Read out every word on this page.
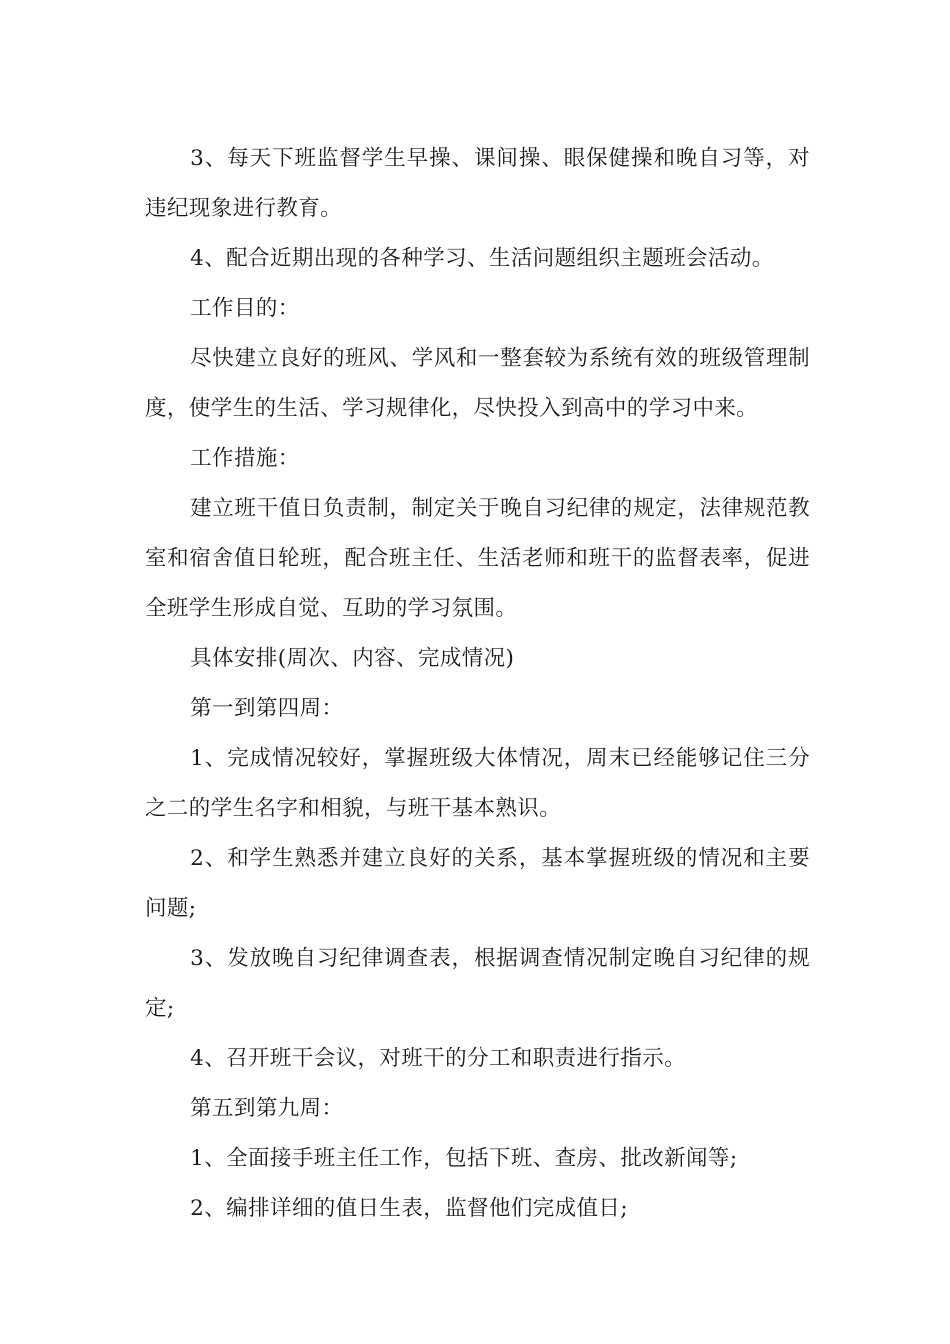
3、每天下班监督学生早操、课间操、眼保健操和晚自习等，对违纪现象进行教育。

4、配合近期出现的各种学习、生活问题组织主题班会活动。

工作目的：

尽快建立良好的班风、学风和一整套较为系统有效的班级管理制度，使学生的生活、学习规律化，尽快投入到高中的学习中来。

工作措施：

建立班干值日负责制，制定关于晚自习纪律的规定，法律规范教室和宿舍值日轮班，配合班主任、生活老师和班干的监督表率，促进全班学生形成自觉、互助的学习氛围。

具体安排(周次、内容、完成情况)

第一到第四周：

1、完成情况较好，掌握班级大体情况，周末已经能够记住三分之二的学生名字和相貌，与班干基本熟识。

2、和学生熟悉并建立良好的关系，基本掌握班级的情况和主要问题;

3、发放晚自习纪律调查表，根据调查情况制定晚自习纪律的规定;

4、召开班干会议，对班干的分工和职责进行指示。

第五到第九周：

1、全面接手班主任工作，包括下班、查房、批改新闻等;

2、编排详细的值日生表，监督他们完成值日;
